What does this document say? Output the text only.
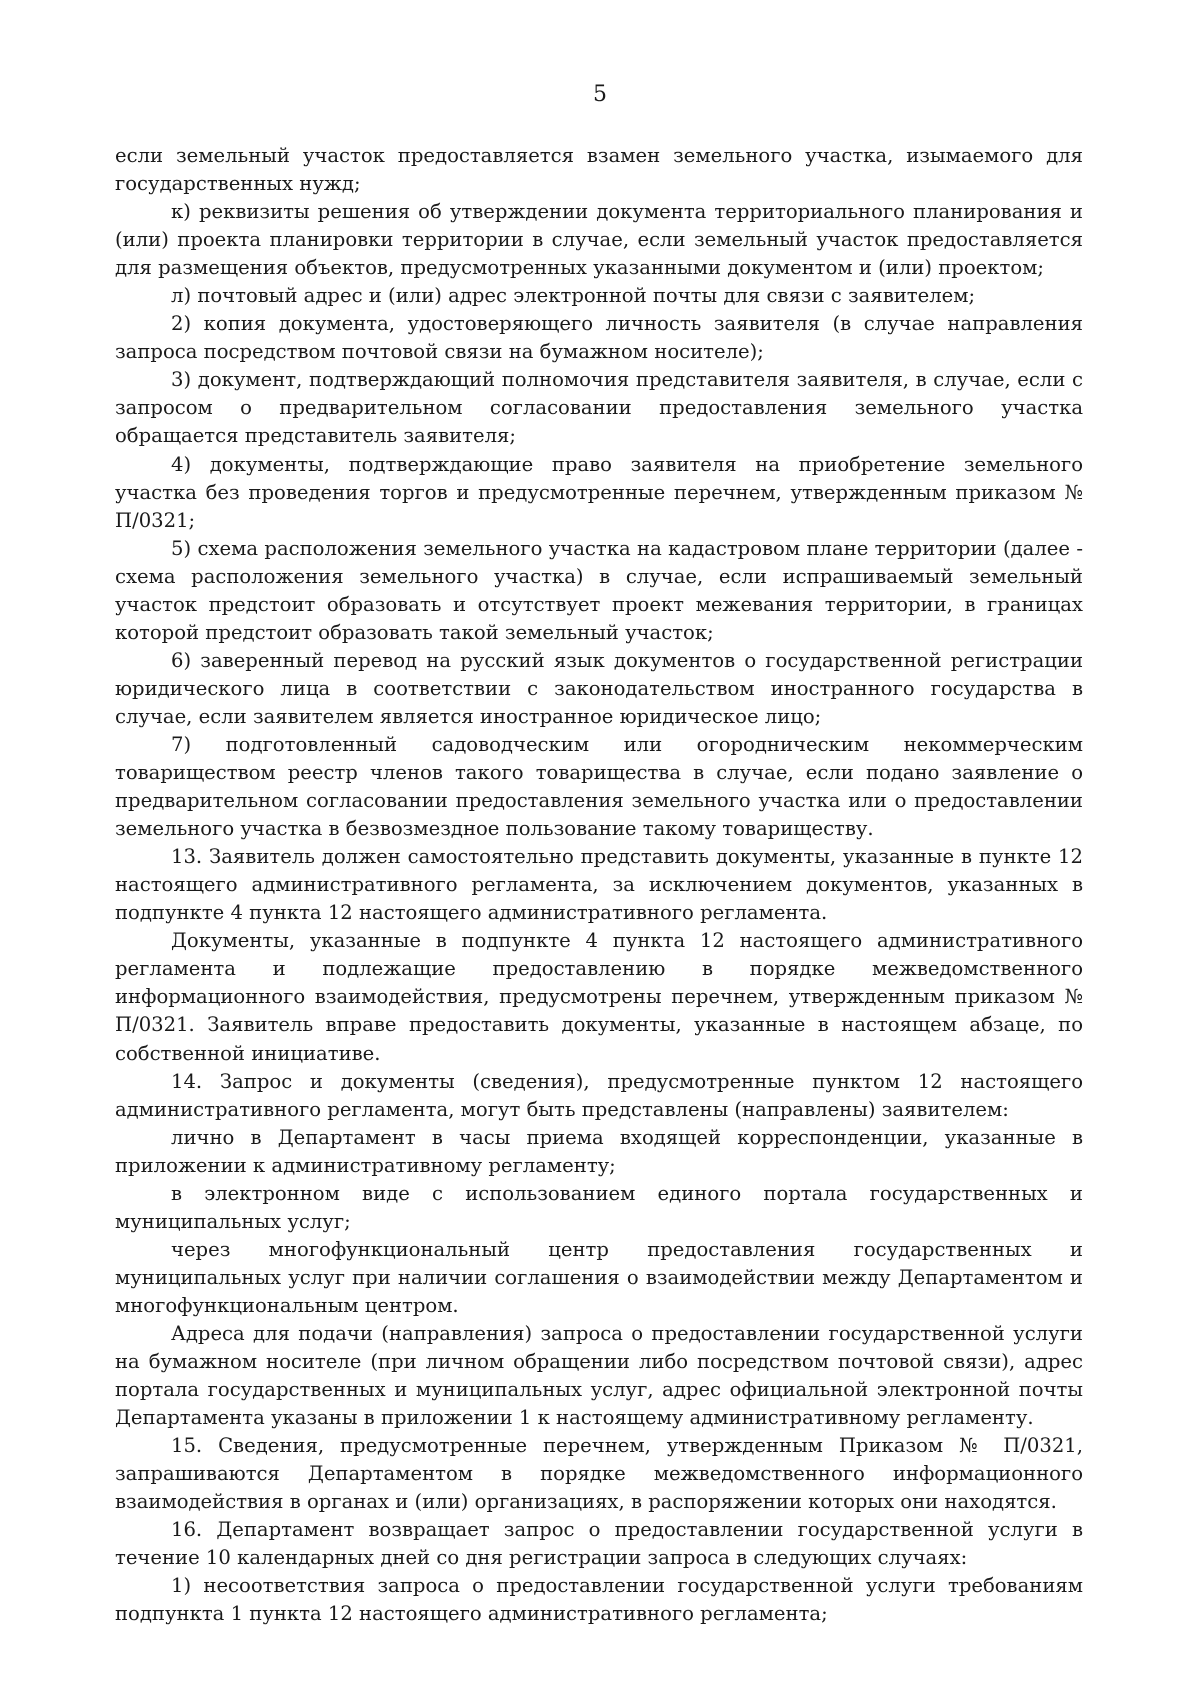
5

если земельный участок предоставляется взамен земельного участка, изымаемого для государственных нужд;

к) реквизиты решения об утверждении документа территориального планирования и (или) проекта планировки территории в случае, если земельный участок предоставляется для размещения объектов, предусмотренных указанными документом и (или) проектом;

л) почтовый адрес и (или) адрес электронной почты для связи с заявителем;

2) копия документа, удостоверяющего личность заявителя (в случае направления запроса посредством почтовой связи на бумажном носителе);

3) документ, подтверждающий полномочия представителя заявителя, в случае, если с запросом о предварительном согласовании предоставления земельного участка обращается представитель заявителя;

4) документы, подтверждающие право заявителя на приобретение земельного участка без проведения торгов и предусмотренные перечнем, утвержденным приказом № П/0321;

5) схема расположения земельного участка на кадастровом плане территории (далее - схема расположения земельного участка) в случае, если испрашиваемый земельный участок предстоит образовать и отсутствует проект межевания территории, в границах которой предстоит образовать такой земельный участок;

6) заверенный перевод на русский язык документов о государственной регистрации юридического лица в соответствии с законодательством иностранного государства в случае, если заявителем является иностранное юридическое лицо;

7) подготовленный садоводческим или огородническим некоммерческим товариществом реестр членов такого товарищества в случае, если подано заявление о предварительном согласовании предоставления земельного участка или о предоставлении земельного участка в безвозмездное пользование такому товариществу.

13. Заявитель должен самостоятельно представить документы, указанные в пункте 12 настоящего административного регламента, за исключением документов, указанных в подпункте 4 пункта 12 настоящего административного регламента.

Документы, указанные в подпункте 4 пункта 12 настоящего административного регламента и подлежащие предоставлению в порядке межведомственного информационного взаимодействия, предусмотрены перечнем, утвержденным приказом № П/0321. Заявитель вправе предоставить документы, указанные в настоящем абзаце, по собственной инициативе.

14. Запрос и документы (сведения), предусмотренные пунктом 12 настоящего административного регламента, могут быть представлены (направлены) заявителем:

лично в Департамент в часы приема входящей корреспонденции, указанные в приложении к административному регламенту;

в электронном виде с использованием единого портала государственных и муниципальных услуг;

через многофункциональный центр предоставления государственных и муниципальных услуг при наличии соглашения о взаимодействии между Департаментом и многофункциональным центром.

Адреса для подачи (направления) запроса о предоставлении государственной услуги на бумажном носителе (при личном обращении либо посредством почтовой связи), адрес портала государственных и муниципальных услуг, адрес официальной электронной почты Департамента указаны в приложении 1 к настоящему административному регламенту.

15. Сведения, предусмотренные перечнем, утвержденным Приказом № П/0321, запрашиваются Департаментом в порядке межведомственного информационного взаимодействия в органах и (или) организациях, в распоряжении которых они находятся.

16. Департамент возвращает запрос о предоставлении государственной услуги в течение 10 календарных дней со дня регистрации запроса в следующих случаях:

1) несоответствия запроса о предоставлении государственной услуги требованиям подпункта 1 пункта 12 настоящего административного регламента;
